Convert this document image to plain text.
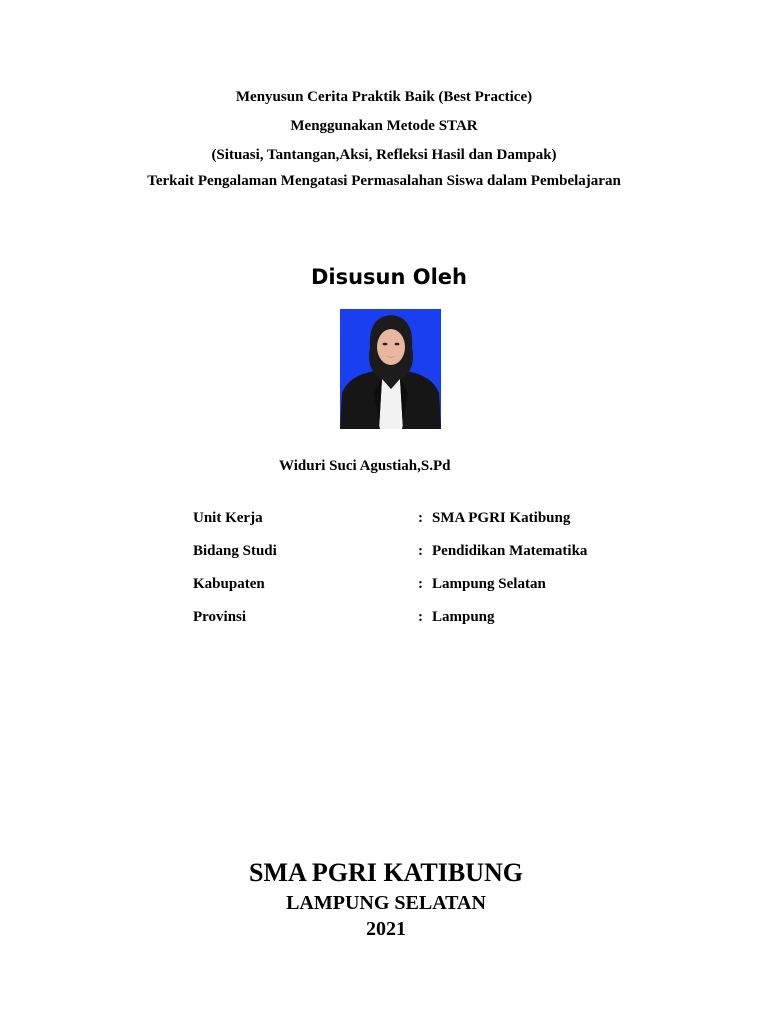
Menyusun Cerita Praktik Baik (Best Practice)
Menggunakan Metode STAR
(Situasi, Tantangan,Aksi, Refleksi Hasil dan Dampak)
Terkait Pengalaman Mengatasi Permasalahan Siswa dalam Pembelajaran
Disusun Oleh
Widuri Suci Agustiah,S.Pd
Unit Kerja	: SMA PGRI Katibung
Bidang Studi	: Pendidikan Matematika
Kabupaten	: Lampung Selatan
Provinsi	: Lampung
SMA PGRI KATIBUNG
LAMPUNG SELATAN
2021
